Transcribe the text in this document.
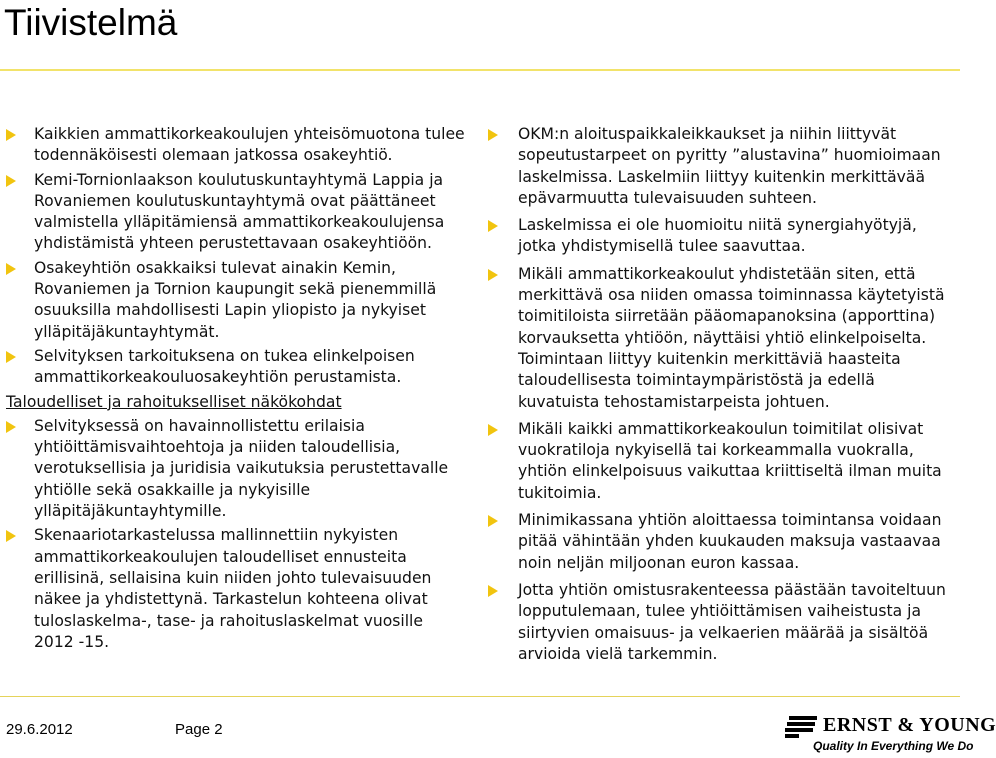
Tiivistelmä
Kaikkien ammattikorkeakoulujen yhteisömuotona tulee todennäköisesti olemaan jatkossa osakeyhtiö.
Kemi-Tornionlaakson koulutuskuntayhtymä Lappia ja Rovaniemen koulutuskuntayhtymä ovat päättäneet valmistella ylläpitämiensä ammattikorkeakoulujensa yhdistämistä yhteen perustettavaan osakeyhtiöön.
Osakeyhtiön osakkaiksi tulevat ainakin Kemin, Rovaniemen ja Tornion kaupungit sekä pienemmillä osuuksilla mahdollisesti Lapin yliopisto ja nykyiset ylläpitäjäkuntayhtymät.
Selvityksen tarkoituksena on tukea elinkelpoisen ammattikorkeakouluosakeyhtiön perustamista.
Taloudelliset ja rahoitukselliset näkökohdat
Selvityksessä on havainnollistettu erilaisia yhtiöittämisvaihtoehtoja ja niiden taloudellisia, verotuksellisia ja juridisia vaikutuksia perustettavalle yhtiölle sekä osakkaille ja nykyisille ylläpitäjäkuntayhtymille.
Skenaariotarkastelussa mallinnettiin nykyisten ammattikorkeakoulujen taloudelliset ennusteita erillisinä, sellaisina kuin niiden johto tulevaisuuden näkee ja yhdistettynä. Tarkastelun kohteena olivat tuloslaskelma-, tase- ja rahoituslaskelmat vuosille 2012 -15.
OKM:n aloituspaikkaleikkaukset ja niihin liittyvät sopeutustarpeet on pyritty ”alustavina” huomioimaan laskelmissa. Laskelmiin liittyy kuitenkin merkittävää epävarmuutta tulevaisuuden suhteen.
Laskelmissa ei ole huomioitu niitä synergiahyötyjä, jotka yhdistymisellä tulee saavuttaa.
Mikäli ammattikorkeakoulut yhdistetään siten, että merkittävä osa niiden omassa toiminnassa käytetyistä toimitiloista siirretään pääomapanoksina (apporttina) korvauksetta yhtiöön, näyttäisi yhtiö elinkelpoiselta. Toimintaan liittyy kuitenkin merkittäviä haasteita taloudellisesta toimintaympäristöstä ja edellä kuvatuista tehostamistarpeista johtuen.
Mikäli kaikki ammattikorkeakoulun toimitilat olisivat vuokratiloja nykyisellä tai korkeammalla vuokralla, yhtiön elinkelpoisuus vaikuttaa kriittiseltä ilman muita tukitoimia.
Minimikassana yhtiön aloittaessa toimintansa voidaan pitää vähintään yhden kuukauden maksuja vastaavaa noin neljän miljoonan euron kassaa.
Jotta yhtiön omistusrakenteessa päästään tavoiteltuun lopputulemaan, tulee yhtiöittämisen vaiheistusta ja siirtyvien omaisuus- ja velkaerien määrää ja sisältöä arvioida vielä tarkemmin.
29.6.2012	Page 2	ERNST & YOUNG
Quality In Everything We Do
